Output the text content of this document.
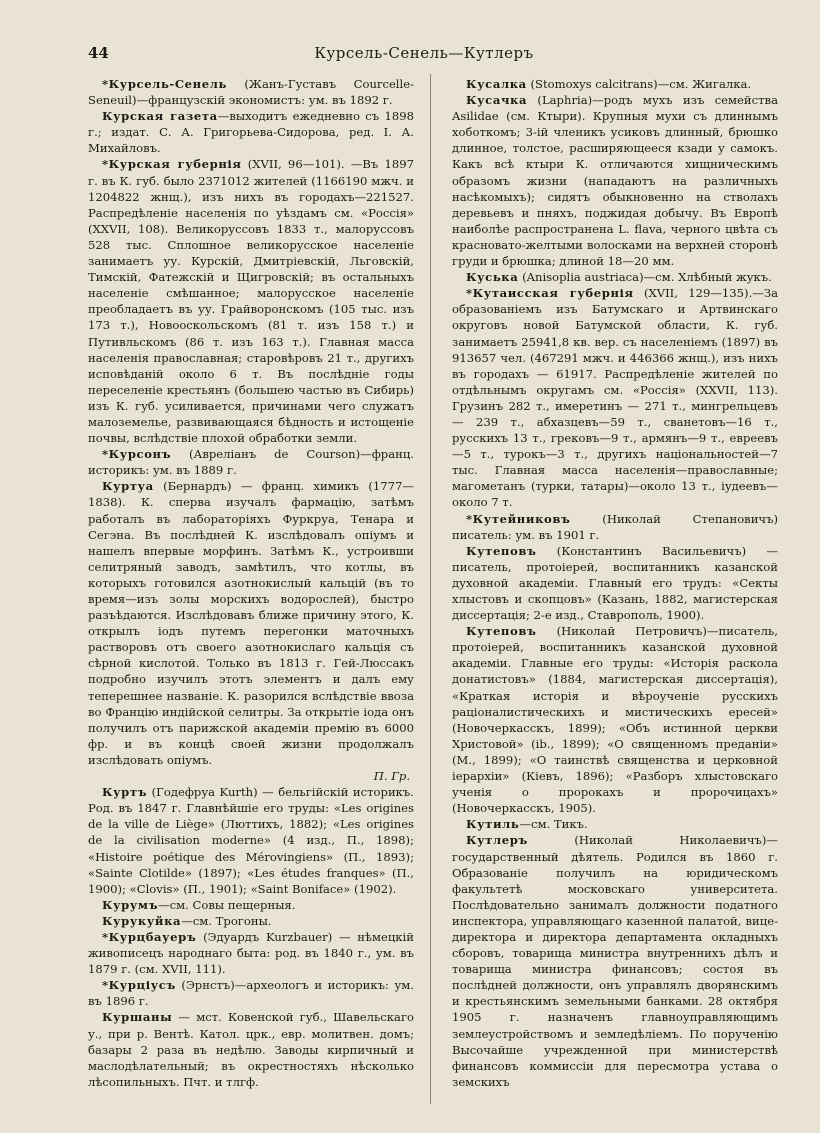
44	Курсель-Сенель—Кутлеръ

*Курсель-Сенель (Жанъ-Густавъ Courcelle-Seneuil)—французскій экономистъ: ум. въ 1892 г.

Курская газета—выходитъ ежедневно съ 1898 г.; издат. С. А. Григорьева-Сидорова, ред. I. А. Михайловъ.

*Курская губернія (XVII, 96—101). —Въ 1897 г. въ К. губ. было 2371012 жителей (1166190 мжч. и 1204822 жнщ.), изъ нихъ въ городахъ—221527. Распредѣленіе населенія по уѣздамъ см. «Россія» (XXVII, 108). Великоруссовъ 1833 т., малоруссовъ 528 тыс. Сплошное великорусское населеніе занимаетъ уу. Курскій, Дмитріевскій, Льговскій, Тимскій, Фатежскій и Щигровскій; въ остальныхъ населеніе смѣшанное; малорусское населеніе преобладаетъ въ уу. Грайворонскомъ (105 тыс. изъ 173 т.), Новооскольскомъ (81 т. изъ 158 т.) и Путивльскомъ (86 т. изъ 163 т.). Главная масса населенія православная; старовѣровъ 21 т., другихъ исповѣданій около 6 т. Въ послѣдніе годы переселеніе крестьянъ (большею частью въ Сибирь) изъ К. губ. усиливается, причинами чего служатъ малоземелье, развивающаяся бѣдность и истощеніе почвы, вслѣдствіе плохой обработки земли.

*Курсонъ (Авреліанъ de Courson)—франц. историкъ: ум. въ 1889 г.

Куртуа (Бернардъ) — франц. химикъ (1777—1838). К. сперва изучалъ фармацію, затѣмъ работалъ въ лабораторіяхъ Фуркруа, Тенара и Сегэна. Въ послѣдней К. изслѣдовалъ опіумъ и нашелъ впервые морфинъ. Затѣмъ К., устроивши селитряный заводъ, замѣтилъ, что котлы, въ которыхъ готовился азотнокислый кальцій (въ то время—изъ золы морскихъ водорослей), быстро разъѣдаются. Изслѣдовавъ ближе причину этого, К. открылъ іодъ путемъ перегонки маточныхъ растворовъ отъ своего азотнокислаго кальція съ сѣрной кислотой. Только въ 1813 г. Гей-Люссакъ подробно изучилъ этотъ элементъ и далъ ему теперешнее названіе. К. разорился вслѣдствіе ввоза во Францію индійской селитры. За открытіе іода онъ получилъ отъ парижской академіи премію въ 6000 фр. и въ концѣ своей жизни продолжалъ изслѣдовать опіумъ.

П. Гр.

Куртъ (Годефруа Kurth) — бельгійскій историкъ. Род. въ 1847 г. Главнѣйшіе его труды: «Les origines de la ville de Liège» (Люттихъ, 1882); «Les origines de la civilisation moderne» (4 изд., П., 1898); «Histoire poétique des Mérovingiens» (П., 1893); «Sainte Clotilde» (1897); «Les études franques» (П., 1900); «Clovis» (П., 1901); «Saint Boniface» (1902).

Курумъ—см. Совы пещерныя.

Курукуйка—см. Трогоны.

*Курцбауеръ (Эдуардъ Kurzbauer) — нѣмецкій живописецъ народнаго быта: род. въ 1840 г., ум. въ 1879 г. (см. XVII, 111).

*Курціусъ (Эрнстъ)—археологъ и историкъ: ум. въ 1896 г.

Куршаны — мст. Ковенской губ., Шавельскаго у., при р. Вентѣ. Катол. црк., евр. молитвен. домъ; базары 2 раза въ недѣлю. Заводы кирпичный и маслодѣлательный; въ окрестностяхъ нѣсколько лѣсопильныхъ. Пчт. и тлгф.

Кусалка (Stomoxys calcitrans)—см. Жигалка.

Кусачка (Laphria)—родъ мухъ изъ семейства Asilidae (см. Ктыри). Крупныя мухи съ длиннымъ хоботкомъ; 3-ій членикъ усиковъ длинный, брюшко длинное, толстое, расширяющееся кзади у самокъ. Какъ всѣ ктыри К. отличаются хищническимъ образомъ жизни (нападаютъ на различныхъ насѣкомыхъ); сидятъ обыкновенно на стволахъ деревьевъ и пняхъ, поджидая добычу. Въ Европѣ наиболѣе распространена L. flava, черного цвѣта съ красновато-желтыми волосками на верхней сторонѣ груди и брюшка; длиной 18—20 мм.

Куська (Anisoplia austriaca)—см. Хлѣбный жукъ.

*Кутаисская губернія (XVII, 129—135).—За образованіемъ изъ Батумскаго и Артвинскаго округовъ новой Батумской области, К. губ. занимаетъ 25941,8 кв. вер. съ населеніемъ (1897) въ 913657 чел. (467291 мжч. и 446366 жнщ.), изъ нихъ въ городахъ — 61917. Распредѣленіе жителей по отдѣльнымъ округамъ см. «Россія» (XXVII, 113). Грузинъ 282 т., имеретинъ — 271 т., мингрельцевъ — 239 т., абхазцевъ—59 т., сванетовъ—16 т., русскихъ 13 т., грековъ—9 т., армянъ—9 т., евреевъ—5 т., турокъ—3 т., другихъ національностей—7 тыс. Главная масса населенія—православные; магометанъ (турки, татары)—около 13 т., іудеевъ—около 7 т.

*Кутейниковъ (Николай Степановичъ) писатель: ум. въ 1901 г.

Кутеповъ (Константинъ Васильевичъ) —писатель, протоіерей, воспитанникъ казанской духовной академіи. Главный его трудъ: «Секты хлыстовъ и скопцовъ» (Казань, 1882, магистерская диссертація; 2-е изд., Ставрополь, 1900).

Кутеповъ (Николай Петровичъ)—писатель, протоіерей, воспитанникъ казанской духовной академіи. Главные его труды: «Исторія раскола донатистовъ» (1884, магистерская диссертація), «Краткая исторія и вѣроученіе русскихъ раціоналистическихъ и мистическихъ ересей» (Новочеркасскъ, 1899); «Объ истинной церкви Христовой» (ib., 1899); «О священномъ преданіи» (М., 1899); «О таинствѣ священства и церковной іерархіи» (Кіевъ, 1896); «Разборъ хлыстовскаго ученія о пророкахъ и пророчицахъ» (Новочеркасскъ, 1905).

Кутиль—см. Тикъ.

Кутлеръ (Николай Николаевичъ)—государственный дѣятель. Родился въ 1860 г. Образованіе получилъ на юридическомъ факультетѣ московскаго университета. Послѣдовательно занималъ должности податного инспектора, управляющаго казенной палатой, вице-директора и директора департамента окладныхъ сборовъ, товарища министра внутреннихъ дѣлъ и товарища министра финансовъ; состоя въ послѣдней должности, онъ управлялъ дворянскимъ и крестьянскимъ земельными банками. 28 октября 1905 г. назначенъ главноуправляющимъ землеустройствомъ и земледѣліемъ. По порученію Высочайше учрежденной при министерствѣ финансовъ коммиссіи для пересмотра устава о земскихъ
